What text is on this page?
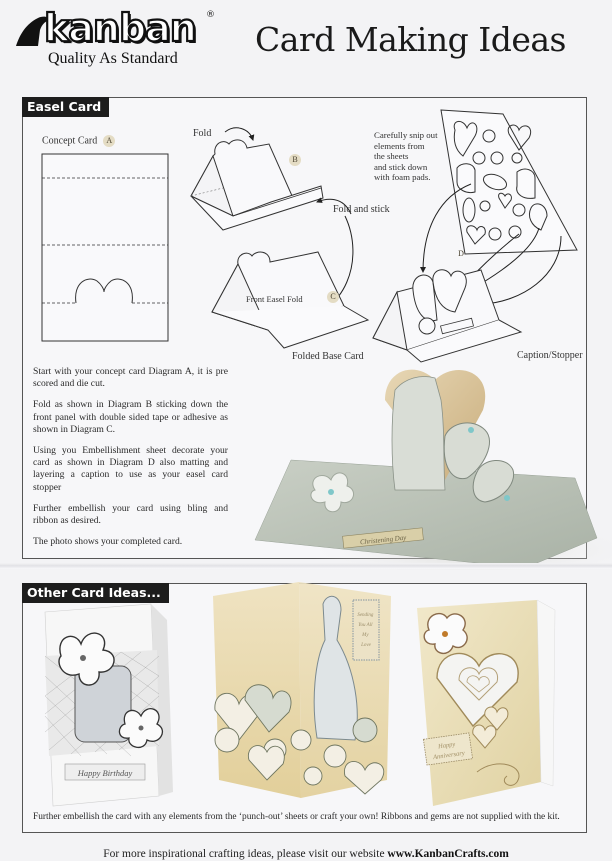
kanban ®
Quality As Standard Card Making Ideas
Easel Card
Concept Card A
Fold
B
Fold and stick
Front Easel Fold	C
Folded Base Card
Carefully snip out
elements from
the sheets
and stick down
with foam pads.
D
Caption/Stopper

Start with your concept card Diagram A, it is pre scored and die cut.

Fold as shown in Diagram B sticking down the front panel with double sided tape or adhesive as shown in Diagram C.

Using you Embellishment sheet decorate your card as shown in Diagram D also matting and layering a caption to use as your easel card stopper

Further embellish your card using bling and ribbon as desired.

The photo shows your completed card.	Christening Day
Other Card Ideas...
Happy Birthday
Sending You All My Love
Happy Anniversary
Further embellish the card with any elements from the ‘punch-out’ sheets or craft your own! Ribbons and gems are not supplied with the kit.
For more inspirational crafting ideas, please visit our website www.KanbanCrafts.com
